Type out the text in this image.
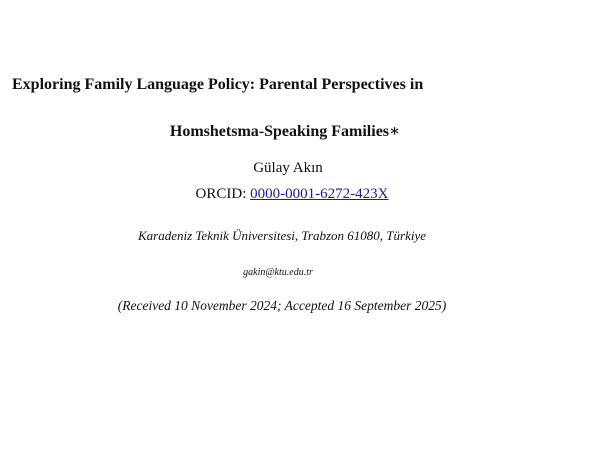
Exploring Family Language Policy: Parental Perspectives in
Homshetsma-Speaking Families∗
Gülay Akın
ORCID: 0000-0001-6272-423X
Karadeniz Teknik Üniversitesi, Trabzon 61080, Türkiye
gakin@ktu.edu.tr
(Received 10 November 2024; Accepted 16 September 2025)
